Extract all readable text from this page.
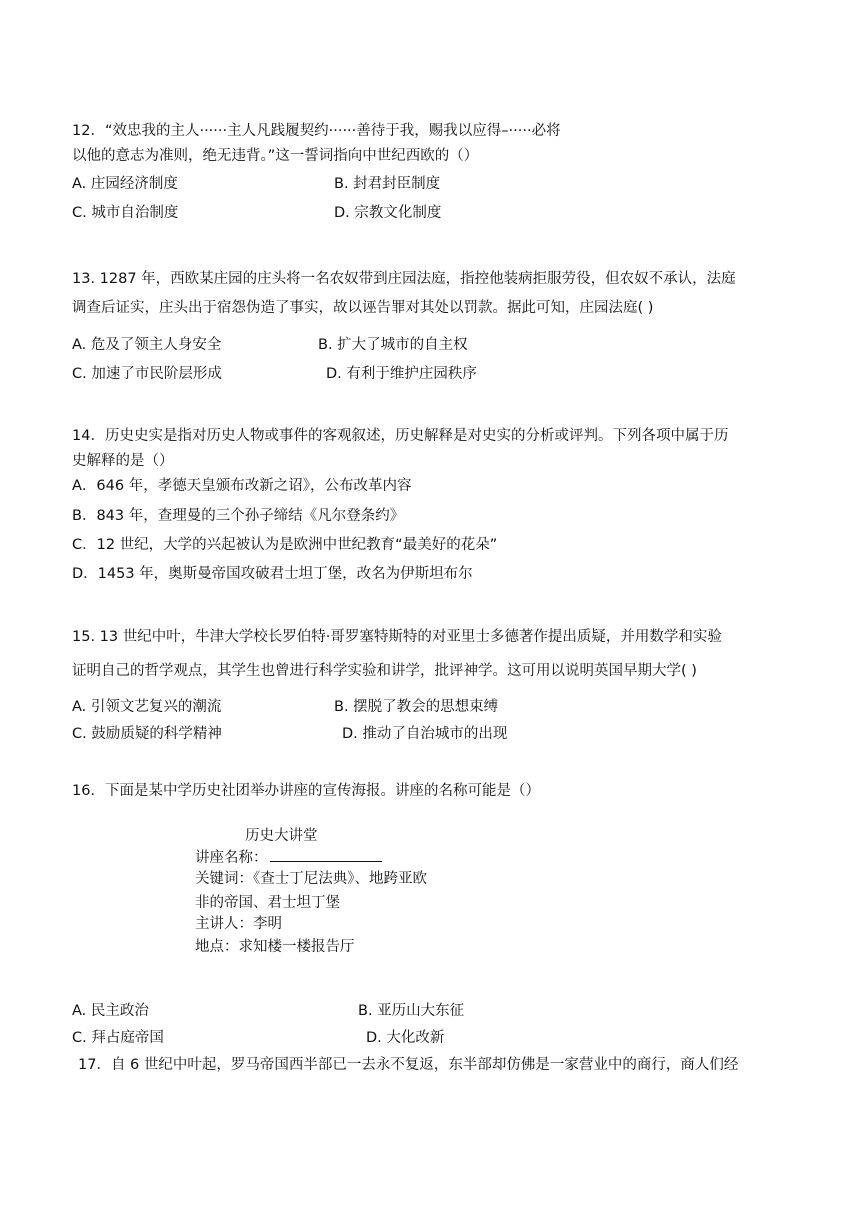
12．“效忠我的主人······主人凡践履契约······善待于我，赐我以应得–·····必将
以他的意志为准则，绝无违背。”这一誓词指向中世纪西欧的（）
A. 庄园经济制度	B. 封君封臣制度
C. 城市自治制度	D. 宗教文化制度
13. 1287 年，西欧某庄园的庄头将一名农奴带到庄园法庭，指控他装病拒服劳役，但农奴不承认，法庭
调查后证实，庄头出于宿怨伪造了事实，故以诬告罪对其处以罚款。据此可知，庄园法庭( )
A. 危及了领主人身安全	B. 扩大了城市的自主权
C. 加速了市民阶层形成	D. 有利于维护庄园秩序
14．历史史实是指对历史人物或事件的客观叙述，历史解释是对史实的分析或评判。下列各项中属于历
史解释的是（）
A．646 年，孝德天皇颁布改新之诏》，公布改革内容
B．843 年，查理曼的三个孙子缔结《凡尔登条约》
C．12 世纪，大学的兴起被认为是欧洲中世纪教育“最美好的花朵”
D．1453 年，奥斯曼帝国攻破君士坦丁堡，改名为伊斯坦布尔
15. 13 世纪中叶，牛津大学校长罗伯特·哥罗塞特斯特的对亚里士多德著作提出质疑，并用数学和实验
证明自己的哲学观点，其学生也曾进行科学实验和讲学，批评神学。这可用以说明英国早期大学( )
A. 引领文艺复兴的潮流	B. 摆脱了教会的思想束缚
C. 鼓励质疑的科学精神	D. 推动了自治城市的出现
16．下面是某中学历史社团举办讲座的宣传海报。讲座的名称可能是（）
历史大讲堂
讲座名称：
关键词：《查士丁尼法典》、地跨亚欧
非的帝国、君士坦丁堡
主讲人：李明
地点：求知楼一楼报告厅
A. 民主政治	B. 亚历山大东征
C. 拜占庭帝国	D. 大化改新
17．自 6 世纪中叶起，罗马帝国西半部已一去永不复返，东半部却仿佛是一家营业中的商行，商人们经
